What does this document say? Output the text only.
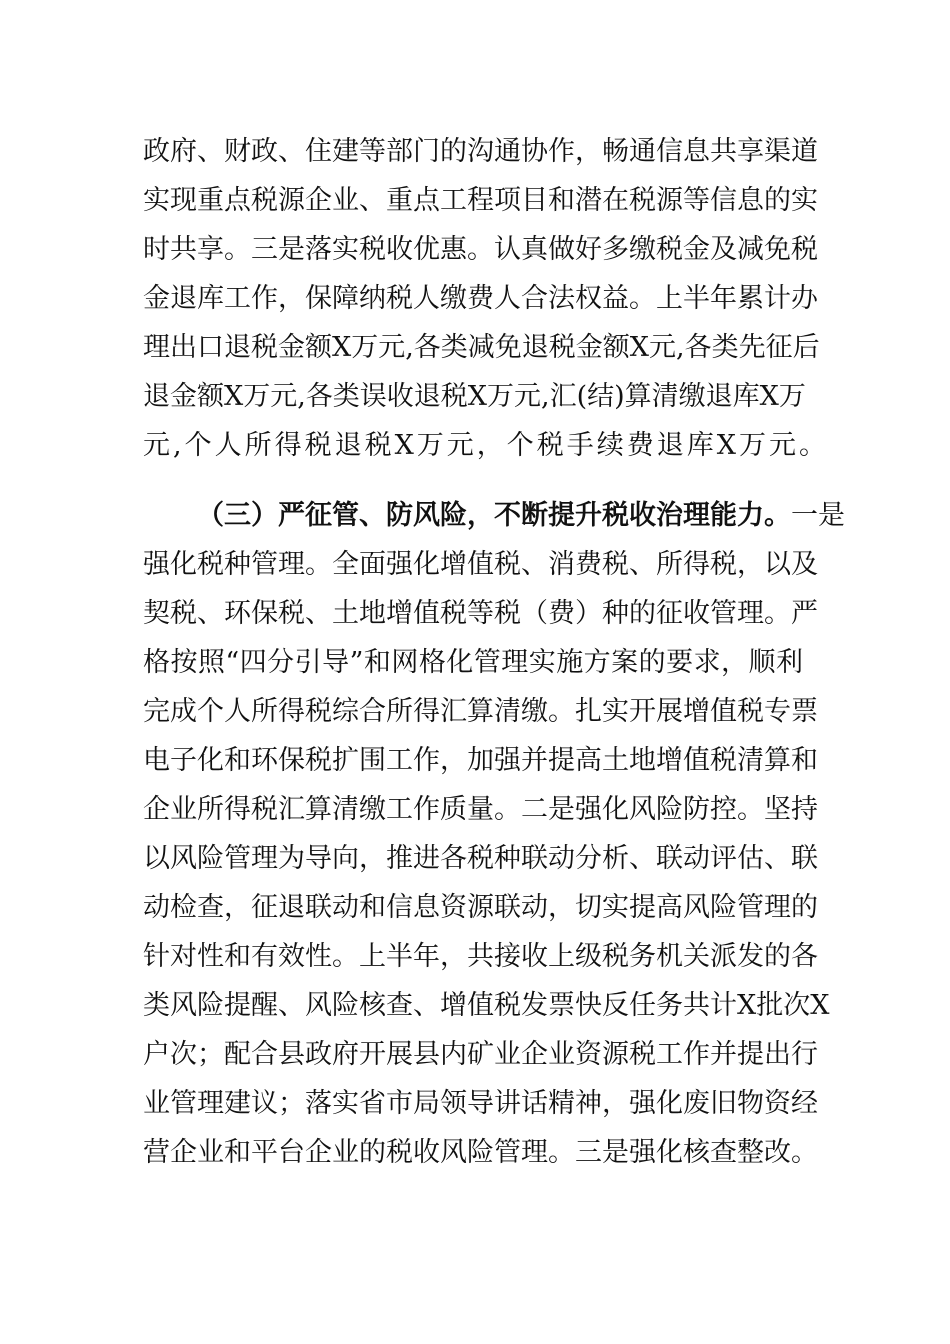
政府、财政、住建等部门的沟通协作，畅通信息共享渠道
实现重点税源企业、重点工程项目和潜在税源等信息的实
时共享。三是落实税收优惠。认真做好多缴税金及减免税
金退库工作，保障纳税人缴费人合法权益。上半年累计办
理出口退税金额X万元,各类减免退税金额X元,各类先征后
退金额X万元,各类误收退税X万元,汇(结)算清缴退库X万
元,个人所得税退税X万元，个税手续费退库X万元。
（三）严征管、防风险，不断提升税收治理能力。一是
强化税种管理。全面强化增值税、消费税、所得税，以及
契税、环保税、土地增值税等税（费）种的征收管理。严
格按照“四分引导”和网格化管理实施方案的要求，顺利
完成个人所得税综合所得汇算清缴。扎实开展增值税专票
电子化和环保税扩围工作，加强并提高土地增值税清算和
企业所得税汇算清缴工作质量。二是强化风险防控。坚持
以风险管理为导向，推进各税种联动分析、联动评估、联
动检查，征退联动和信息资源联动，切实提高风险管理的
针对性和有效性。上半年，共接收上级税务机关派发的各
类风险提醒、风险核查、增值税发票快反任务共计X批次X
户次；配合县政府开展县内矿业企业资源税工作并提出行
业管理建议；落实省市局领导讲话精神，强化废旧物资经
营企业和平台企业的税收风险管理。三是强化核查整改。
